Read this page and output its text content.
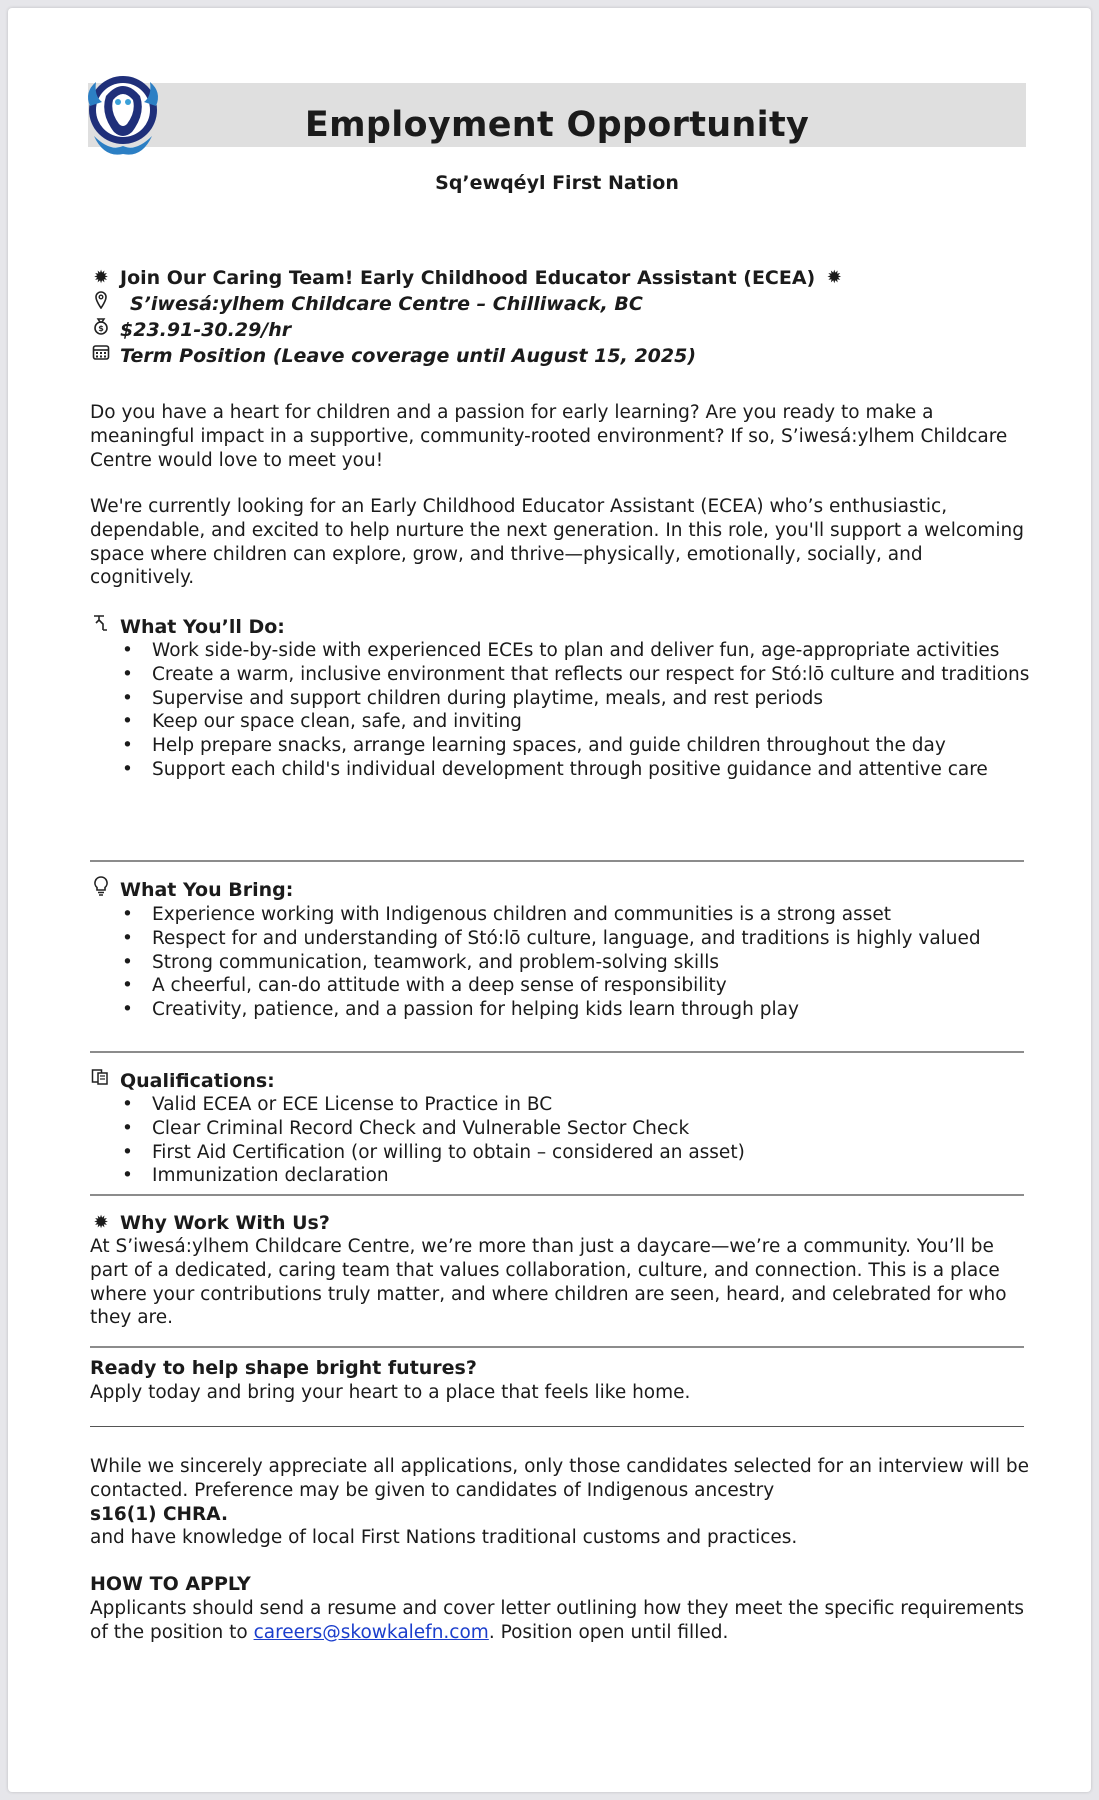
Employment Opportunity
Sq’ewqéyl First Nation
✹ Join Our Caring Team! Early Childhood Educator Assistant (ECEA) ✹
S’iwesá:ylhem Childcare Centre – Chilliwack, BC
$ $23.91-30.29/hr
Term Position (Leave coverage until August 15, 2025)

Do you have a heart for children and a passion for early learning? Are you ready to make a meaningful impact in a supportive, community-rooted environment? If so, S’iwesá:ylhem Childcare Centre would love to meet you!

We're currently looking for an Early Childhood Educator Assistant (ECEA) who’s enthusiastic, dependable, and excited to help nurture the next generation. In this role, you'll support a welcoming space where children can explore, grow, and thrive—physically, emotionally, socially, and cognitively.

What You’ll Do:
• Work side-by-side with experienced ECEs to plan and deliver fun, age-appropriate activities
• Create a warm, inclusive environment that reflects our respect for Stó:lō culture and traditions
• Supervise and support children during playtime, meals, and rest periods
• Keep our space clean, safe, and inviting
• Help prepare snacks, arrange learning spaces, and guide children throughout the day
• Support each child's individual development through positive guidance and attentive care
What You Bring:
• Experience working with Indigenous children and communities is a strong asset
• Respect for and understanding of Stó:lō culture, language, and traditions is highly valued
• Strong communication, teamwork, and problem-solving skills
• A cheerful, can-do attitude with a deep sense of responsibility
• Creativity, patience, and a passion for helping kids learn through play
Qualifications:
• Valid ECEA or ECE License to Practice in BC
• Clear Criminal Record Check and Vulnerable Sector Check
• First Aid Certification (or willing to obtain – considered an asset)
• Immunization declaration
✹ Why Work With Us?

At S’iwesá:ylhem Childcare Centre, we’re more than just a daycare—we’re a community. You’ll be part of a dedicated, caring team that values collaboration, culture, and connection. This is a place where your contributions truly matter, and where children are seen, heard, and celebrated for who they are.

Ready to help shape bright futures?

Apply today and bring your heart to a place that feels like home.

While we sincerely appreciate all applications, only those candidates selected for an interview will be contacted. Preference may be given to candidates of Indigenous ancestry

s16(1) CHRA.

and have knowledge of local First Nations traditional customs and practices.

HOW TO APPLY

Applicants should send a resume and cover letter outlining how they meet the specific requirements of the position to careers@skowkalefn.com. Position open until filled.
